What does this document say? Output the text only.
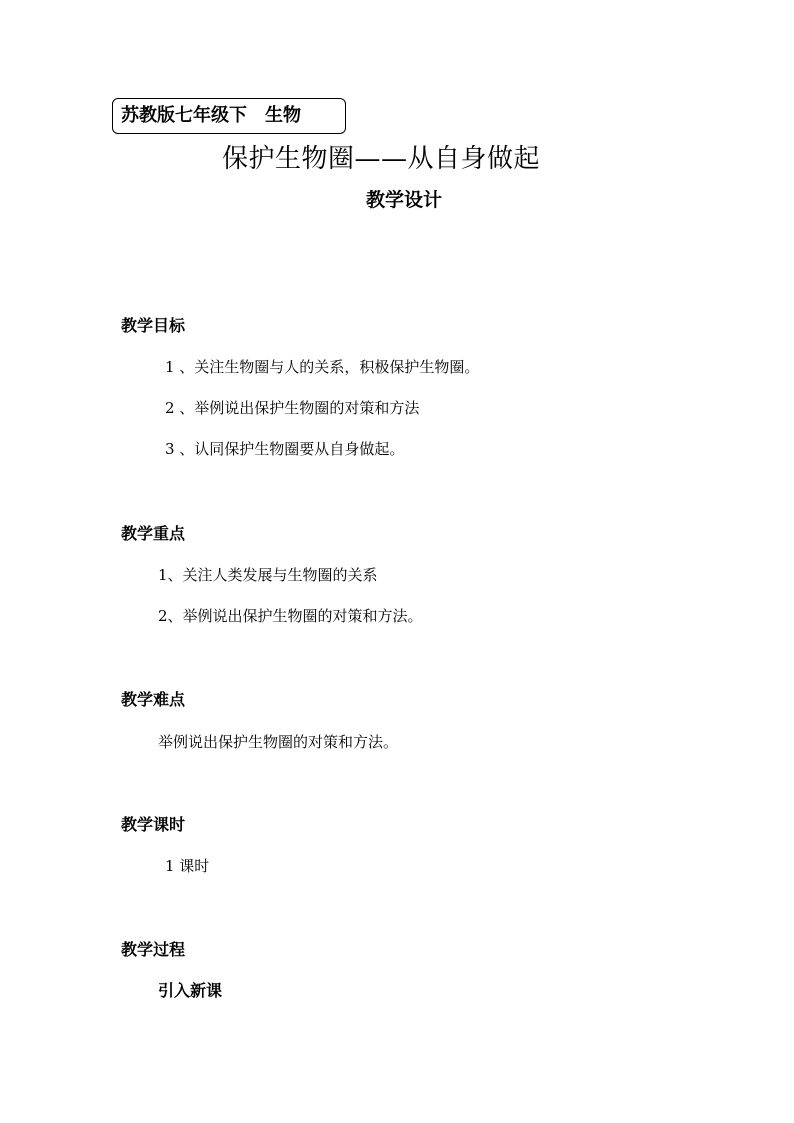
苏教版七年级下　生物
保护生物圈——从自身做起
教学设计
教学目标
1 、关注生物圈与人的关系，积极保护生物圈。
2 、举例说出保护生物圈的对策和方法
3 、认同保护生物圈要从自身做起。
教学重点
1、关注人类发展与生物圈的关系
2、举例说出保护生物圈的对策和方法。
教学难点
举例说出保护生物圈的对策和方法。
教学课时
1 课时
教学过程
引入新课
